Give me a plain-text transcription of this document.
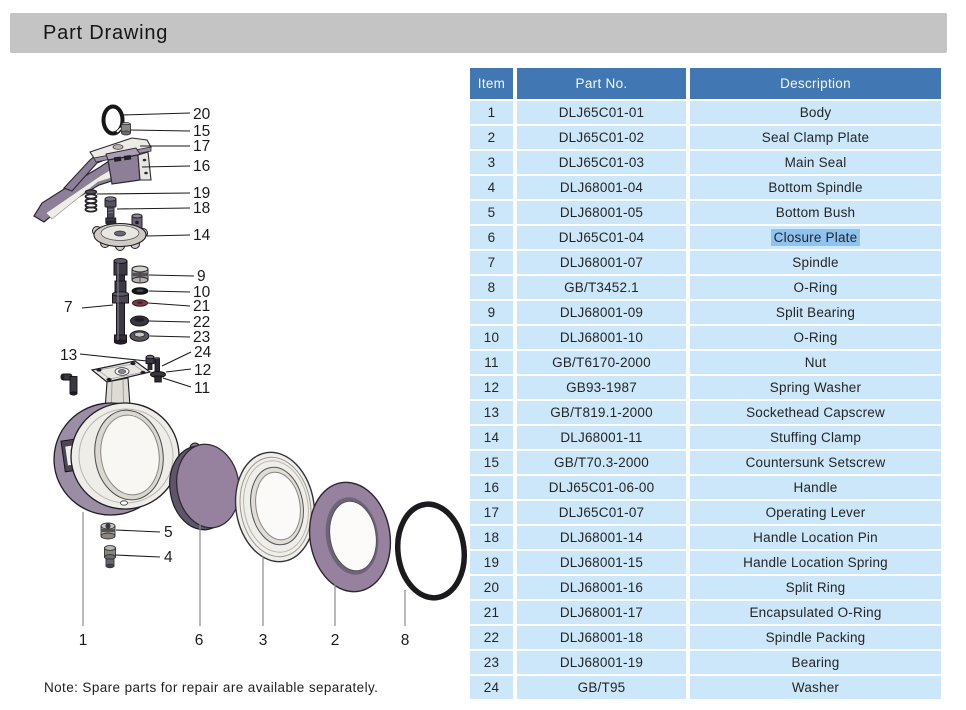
Part Drawing
20
15
17
16
19
18
14
9
10
21
22
23
7
13	24
12
11
5
4
1	6	3	2	8
Item	Part No.	Description
1	DLJ65C01-01	Body
2	DLJ65C01-02	Seal Clamp Plate
3	DLJ65C01-03	Main Seal
4	DLJ68001-04	Bottom Spindle
5	DLJ68001-05	Bottom Bush
6	DLJ65C01-04	Closure Plate
7	DLJ68001-07	Spindle
8	GB/T3452.1	O-Ring
9	DLJ68001-09	Split Bearing
10	DLJ68001-10	O-Ring
11	GB/T6170-2000	Nut
12	GB93-1987	Spring Washer
13	GB/T819.1-2000	Sockethead Capscrew
14	DLJ68001-11	Stuffing Clamp
15	GB/T70.3-2000	Countersunk Setscrew
16	DLJ65C01-06-00	Handle
17	DLJ65C01-07	Operating Lever
18	DLJ68001-14	Handle Location Pin
19	DLJ68001-15	Handle Location Spring
20	DLJ68001-16	Split Ring
21	DLJ68001-17	Encapsulated O-Ring
22	DLJ68001-18	Spindle Packing
23	DLJ68001-19	Bearing
24	GB/T95	Washer
Note: Spare parts for repair are available separately.
